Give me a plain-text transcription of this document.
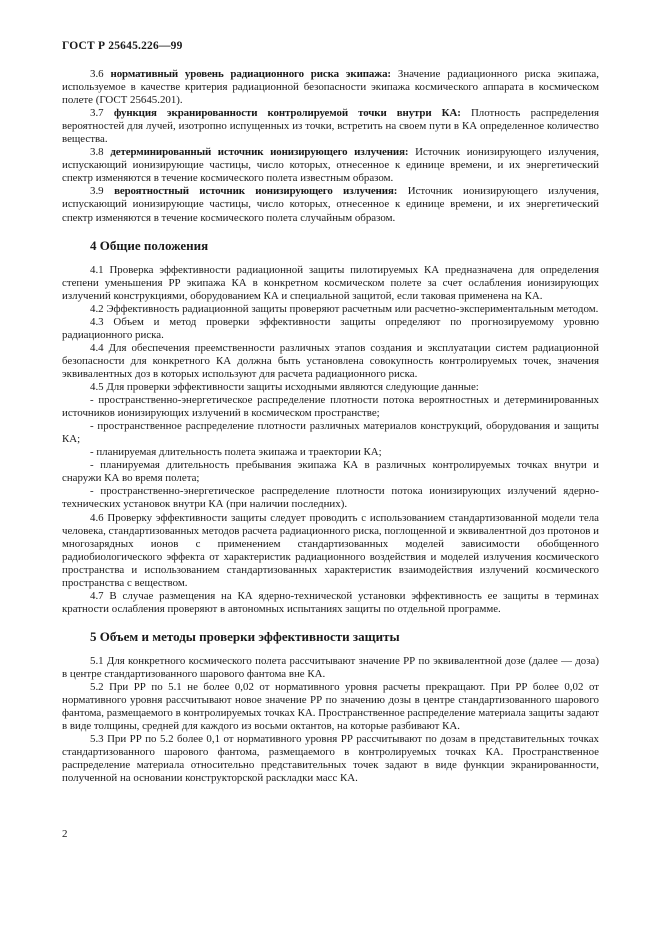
ГОСТ Р 25645.226—99

3.6 нормативный уровень радиационного риска экипажа: Значение радиационного риска экипажа, используемое в качестве критерия радиационной безопасности экипажа космического аппарата в космическом полете (ГОСТ 25645.201).

3.7 функция экранированности контролируемой точки внутри КА: Плотность распределения вероятностей для лучей, изотропно испущенных из точки, встретить на своем пути в КА определенное количество вещества.

3.8 детерминированный источник ионизирующего излучения: Источник ионизирующего излучения, испускающий ионизирующие частицы, число которых, отнесенное к единице времени, и их энергетический спектр изменяются в течение космического полета известным образом.

3.9 вероятностный источник ионизирующего излучения: Источник ионизирующего излучения, испускающий ионизирующие частицы, число которых, отнесенное к единице времени, и их энергетический спектр изменяются в течение космического полета случайным образом.

4 Общие положения

4.1 Проверка эффективности радиационной защиты пилотируемых КА предназначена для определения степени уменьшения РР экипажа КА в конкретном космическом полете за счет ослабления ионизирующих излучений конструкциями, оборудованием КА и специальной защитой, если таковая применена на КА.

4.2 Эффективность радиационной защиты проверяют расчетным или расчетно-экспериментальным методом.

4.3 Объем и метод проверки эффективности защиты определяют по прогнозируемому уровню радиационного риска.

4.4 Для обеспечения преемственности различных этапов создания и эксплуатации систем радиационной безопасности для конкретного КА должна быть установлена совокупность контролируемых точек, значения эквивалентных доз в которых используют для расчета радиационного риска.

4.5 Для проверки эффективности защиты исходными являются следующие данные:

- пространственно-энергетическое распределение плотности потока вероятностных и детерминированных источников ионизирующих излучений в космическом пространстве;

- пространственное распределение плотности различных материалов конструкций, оборудования и защиты КА;

- планируемая длительность полета экипажа и траектории КА;

- планируемая длительность пребывания экипажа КА в различных контролируемых точках внутри и снаружи КА во время полета;

- пространственно-энергетическое распределение плотности потока ионизирующих излучений ядерно-технических установок внутри КА (при наличии последних).

4.6 Проверку эффективности защиты следует проводить с использованием стандартизованной модели тела человека, стандартизованных методов расчета радиационного риска, поглощенной и эквивалентной доз протонов и многозарядных ионов с применением стандартизованных моделей зависимости обобщенного радиобиологического эффекта от характеристик радиационного воздействия и моделей излучения космического пространства и использованием стандартизованных характеристик взаимодействия излучений космического пространства с веществом.

4.7 В случае размещения на КА ядерно-технической установки эффективность ее защиты в терминах кратности ослабления проверяют в автономных испытаниях защиты по отдельной программе.

5 Объем и методы проверки эффективности защиты

5.1 Для конкретного космического полета рассчитывают значение РР по эквивалентной дозе (далее — доза) в центре стандартизованного шарового фантома вне КА.

5.2 При РР по 5.1 не более 0,02 от нормативного уровня расчеты прекращают. При РР более 0,02 от нормативного уровня рассчитывают новое значение РР по значению дозы в центре стандартизованного шарового фантома, размещаемого в контролируемых точках КА. Пространственное распределение материала защиты задают в виде толщины, средней для каждого из восьми октантов, на которые разбивают КА.

5.3 При РР по 5.2 более 0,1 от нормативного уровня РР рассчитывают по дозам в представительных точках стандартизованного шарового фантома, размещаемого в контролируемых точках КА. Пространственное распределение материала относительно представительных точек задают в виде функции экранированности, полученной на основании конструкторской раскладки масс КА.

2
